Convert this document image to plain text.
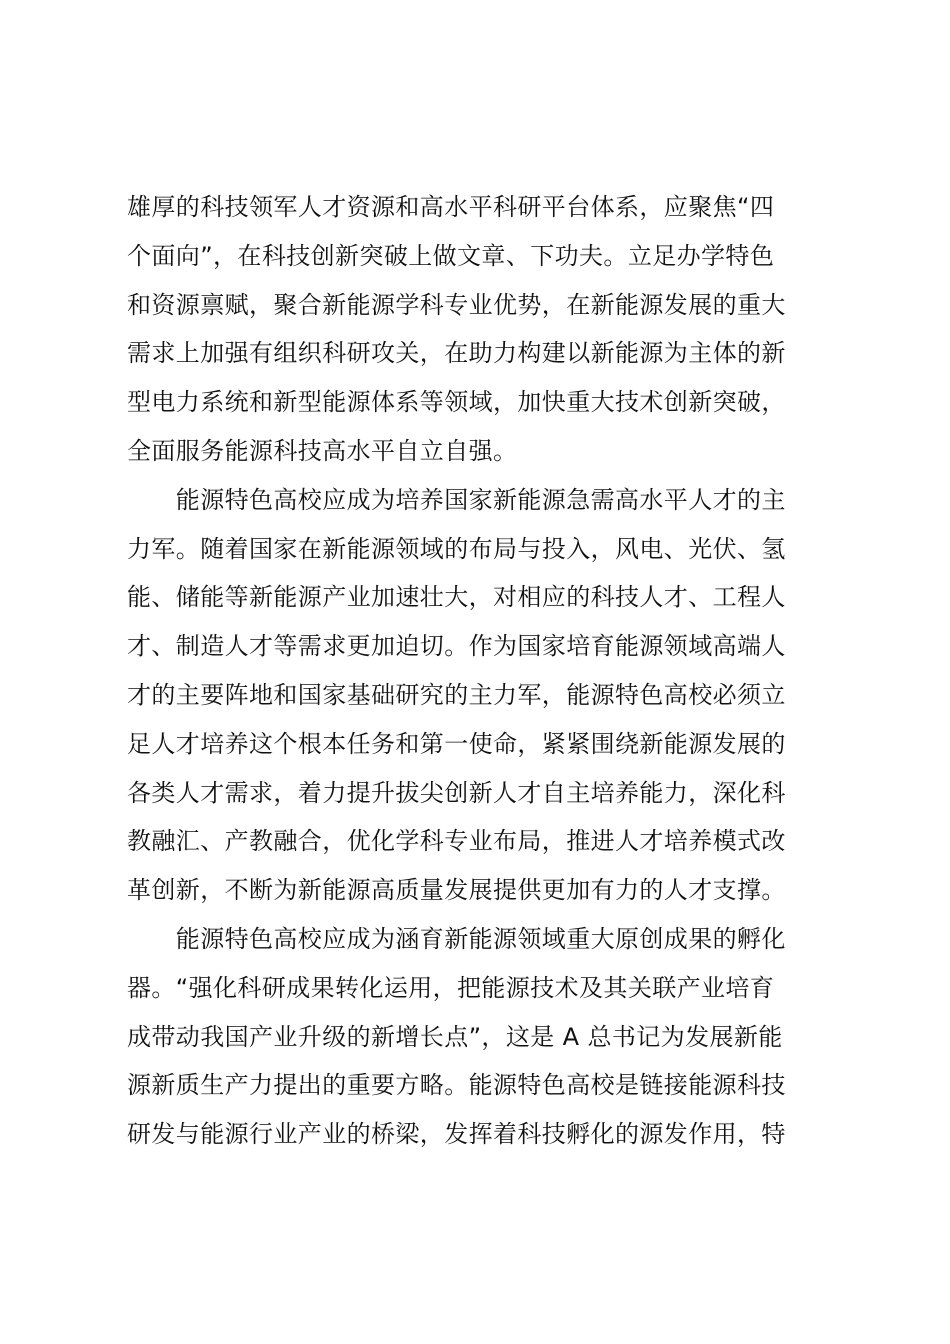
雄厚的科技领军人才资源和高水平科研平台体系，应聚焦“四
个面向”，在科技创新突破上做文章、下功夫。立足办学特色
和资源禀赋，聚合新能源学科专业优势，在新能源发展的重大
需求上加强有组织科研攻关，在助力构建以新能源为主体的新
型电力系统和新型能源体系等领域，加快重大技术创新突破，
全面服务能源科技高水平自立自强。
　　能源特色高校应成为培养国家新能源急需高水平人才的主
力军。随着国家在新能源领域的布局与投入，风电、光伏、氢
能、储能等新能源产业加速壮大，对相应的科技人才、工程人
才、制造人才等需求更加迫切。作为国家培育能源领域高端人
才的主要阵地和国家基础研究的主力军，能源特色高校必须立
足人才培养这个根本任务和第一使命，紧紧围绕新能源发展的
各类人才需求，着力提升拔尖创新人才自主培养能力，深化科
教融汇、产教融合，优化学科专业布局，推进人才培养模式改
革创新，不断为新能源高质量发展提供更加有力的人才支撑。
　　能源特色高校应成为涵育新能源领域重大原创成果的孵化
器。“强化科研成果转化运用，把能源技术及其关联产业培育
成带动我国产业升级的新增长点”，这是 A 总书记为发展新能
源新质生产力提出的重要方略。能源特色高校是链接能源科技
研发与能源行业产业的桥梁，发挥着科技孵化的源发作用，特
